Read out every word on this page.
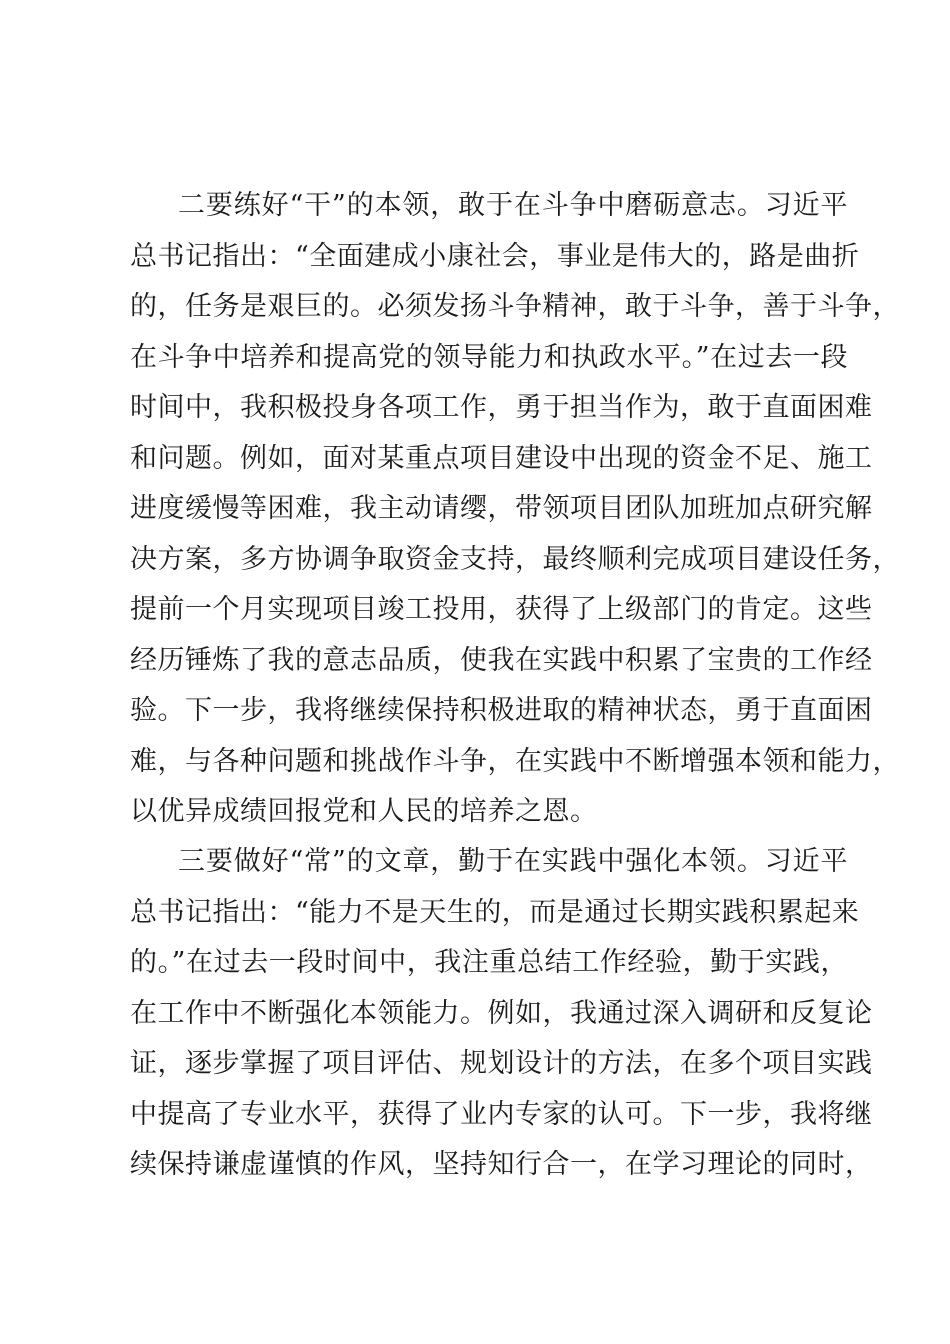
二要练好“干”的本领，敢于在斗争中磨砺意志。习近平
总书记指出：“全面建成小康社会，事业是伟大的，路是曲折
的，任务是艰巨的。必须发扬斗争精神，敢于斗争，善于斗争，
在斗争中培养和提高党的领导能力和执政水平。”在过去一段
时间中，我积极投身各项工作，勇于担当作为，敢于直面困难
和问题。例如，面对某重点项目建设中出现的资金不足、施工
进度缓慢等困难，我主动请缨，带领项目团队加班加点研究解
决方案，多方协调争取资金支持，最终顺利完成项目建设任务，
提前一个月实现项目竣工投用，获得了上级部门的肯定。这些
经历锤炼了我的意志品质，使我在实践中积累了宝贵的工作经
验。下一步，我将继续保持积极进取的精神状态，勇于直面困
难，与各种问题和挑战作斗争，在实践中不断增强本领和能力，
以优异成绩回报党和人民的培养之恩。
三要做好“常”的文章，勤于在实践中强化本领。习近平
总书记指出：“能力不是天生的，而是通过长期实践积累起来
的。”在过去一段时间中，我注重总结工作经验，勤于实践，
在工作中不断强化本领能力。例如，我通过深入调研和反复论
证，逐步掌握了项目评估、规划设计的方法，在多个项目实践
中提高了专业水平，获得了业内专家的认可。下一步，我将继
续保持谦虚谨慎的作风，坚持知行合一，在学习理论的同时，
